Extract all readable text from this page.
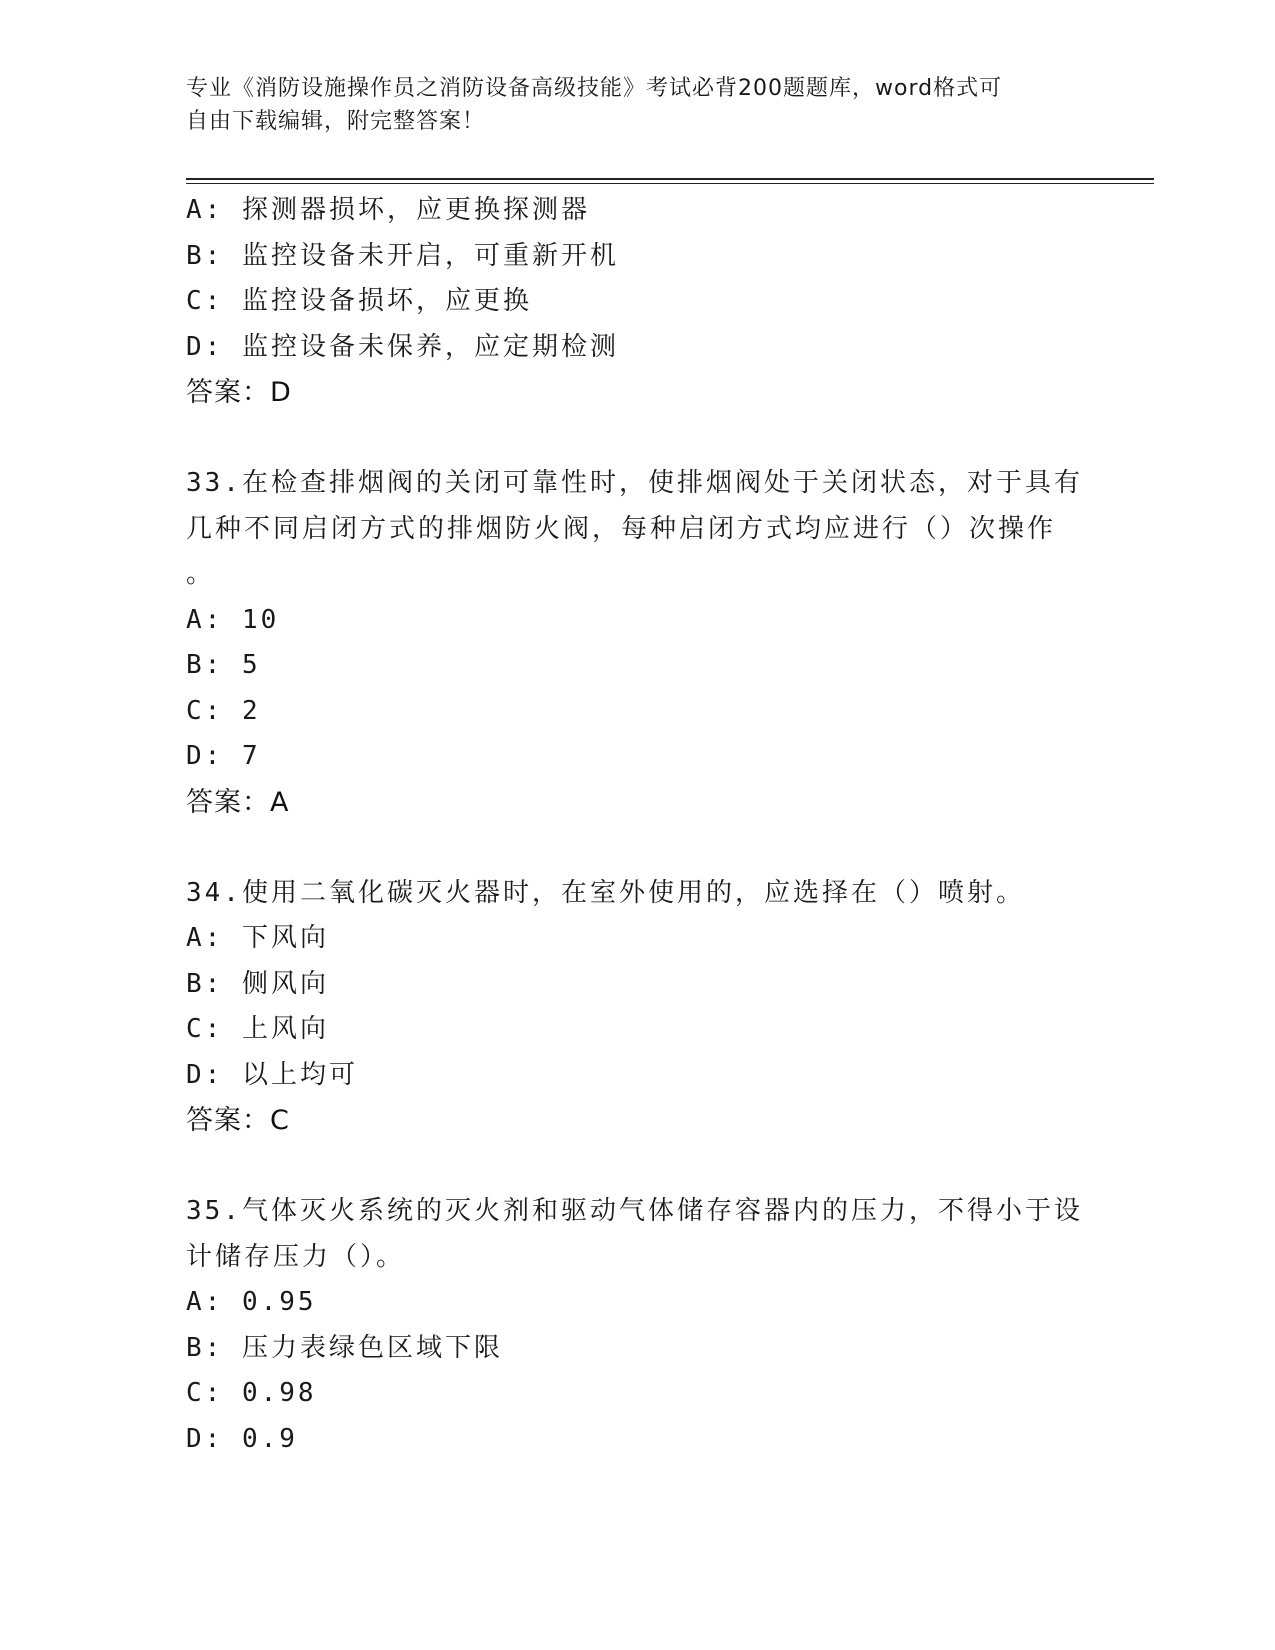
专业《消防设施操作员之消防设备高级技能》考试必背200题题库，word格式可
自由下载编辑，附完整答案！
A: 探测器损坏，应更换探测器
B: 监控设备未开启，可重新开机
C: 监控设备损坏，应更换
D: 监控设备未保养，应定期检测
答案：D
33.在检查排烟阀的关闭可靠性时，使排烟阀处于关闭状态，对于具有
几种不同启闭方式的排烟防火阀，每种启闭方式均应进行（）次操作
。
A: 10
B: 5
C: 2
D: 7
答案：A
34.使用二氧化碳灭火器时，在室外使用的，应选择在（）喷射。
A: 下风向
B: 侧风向
C: 上风向
D: 以上均可
答案：C
35.气体灭火系统的灭火剂和驱动气体储存容器内的压力，不得小于设
计储存压力（）。
A: 0.95
B: 压力表绿色区域下限
C: 0.98
D: 0.9
